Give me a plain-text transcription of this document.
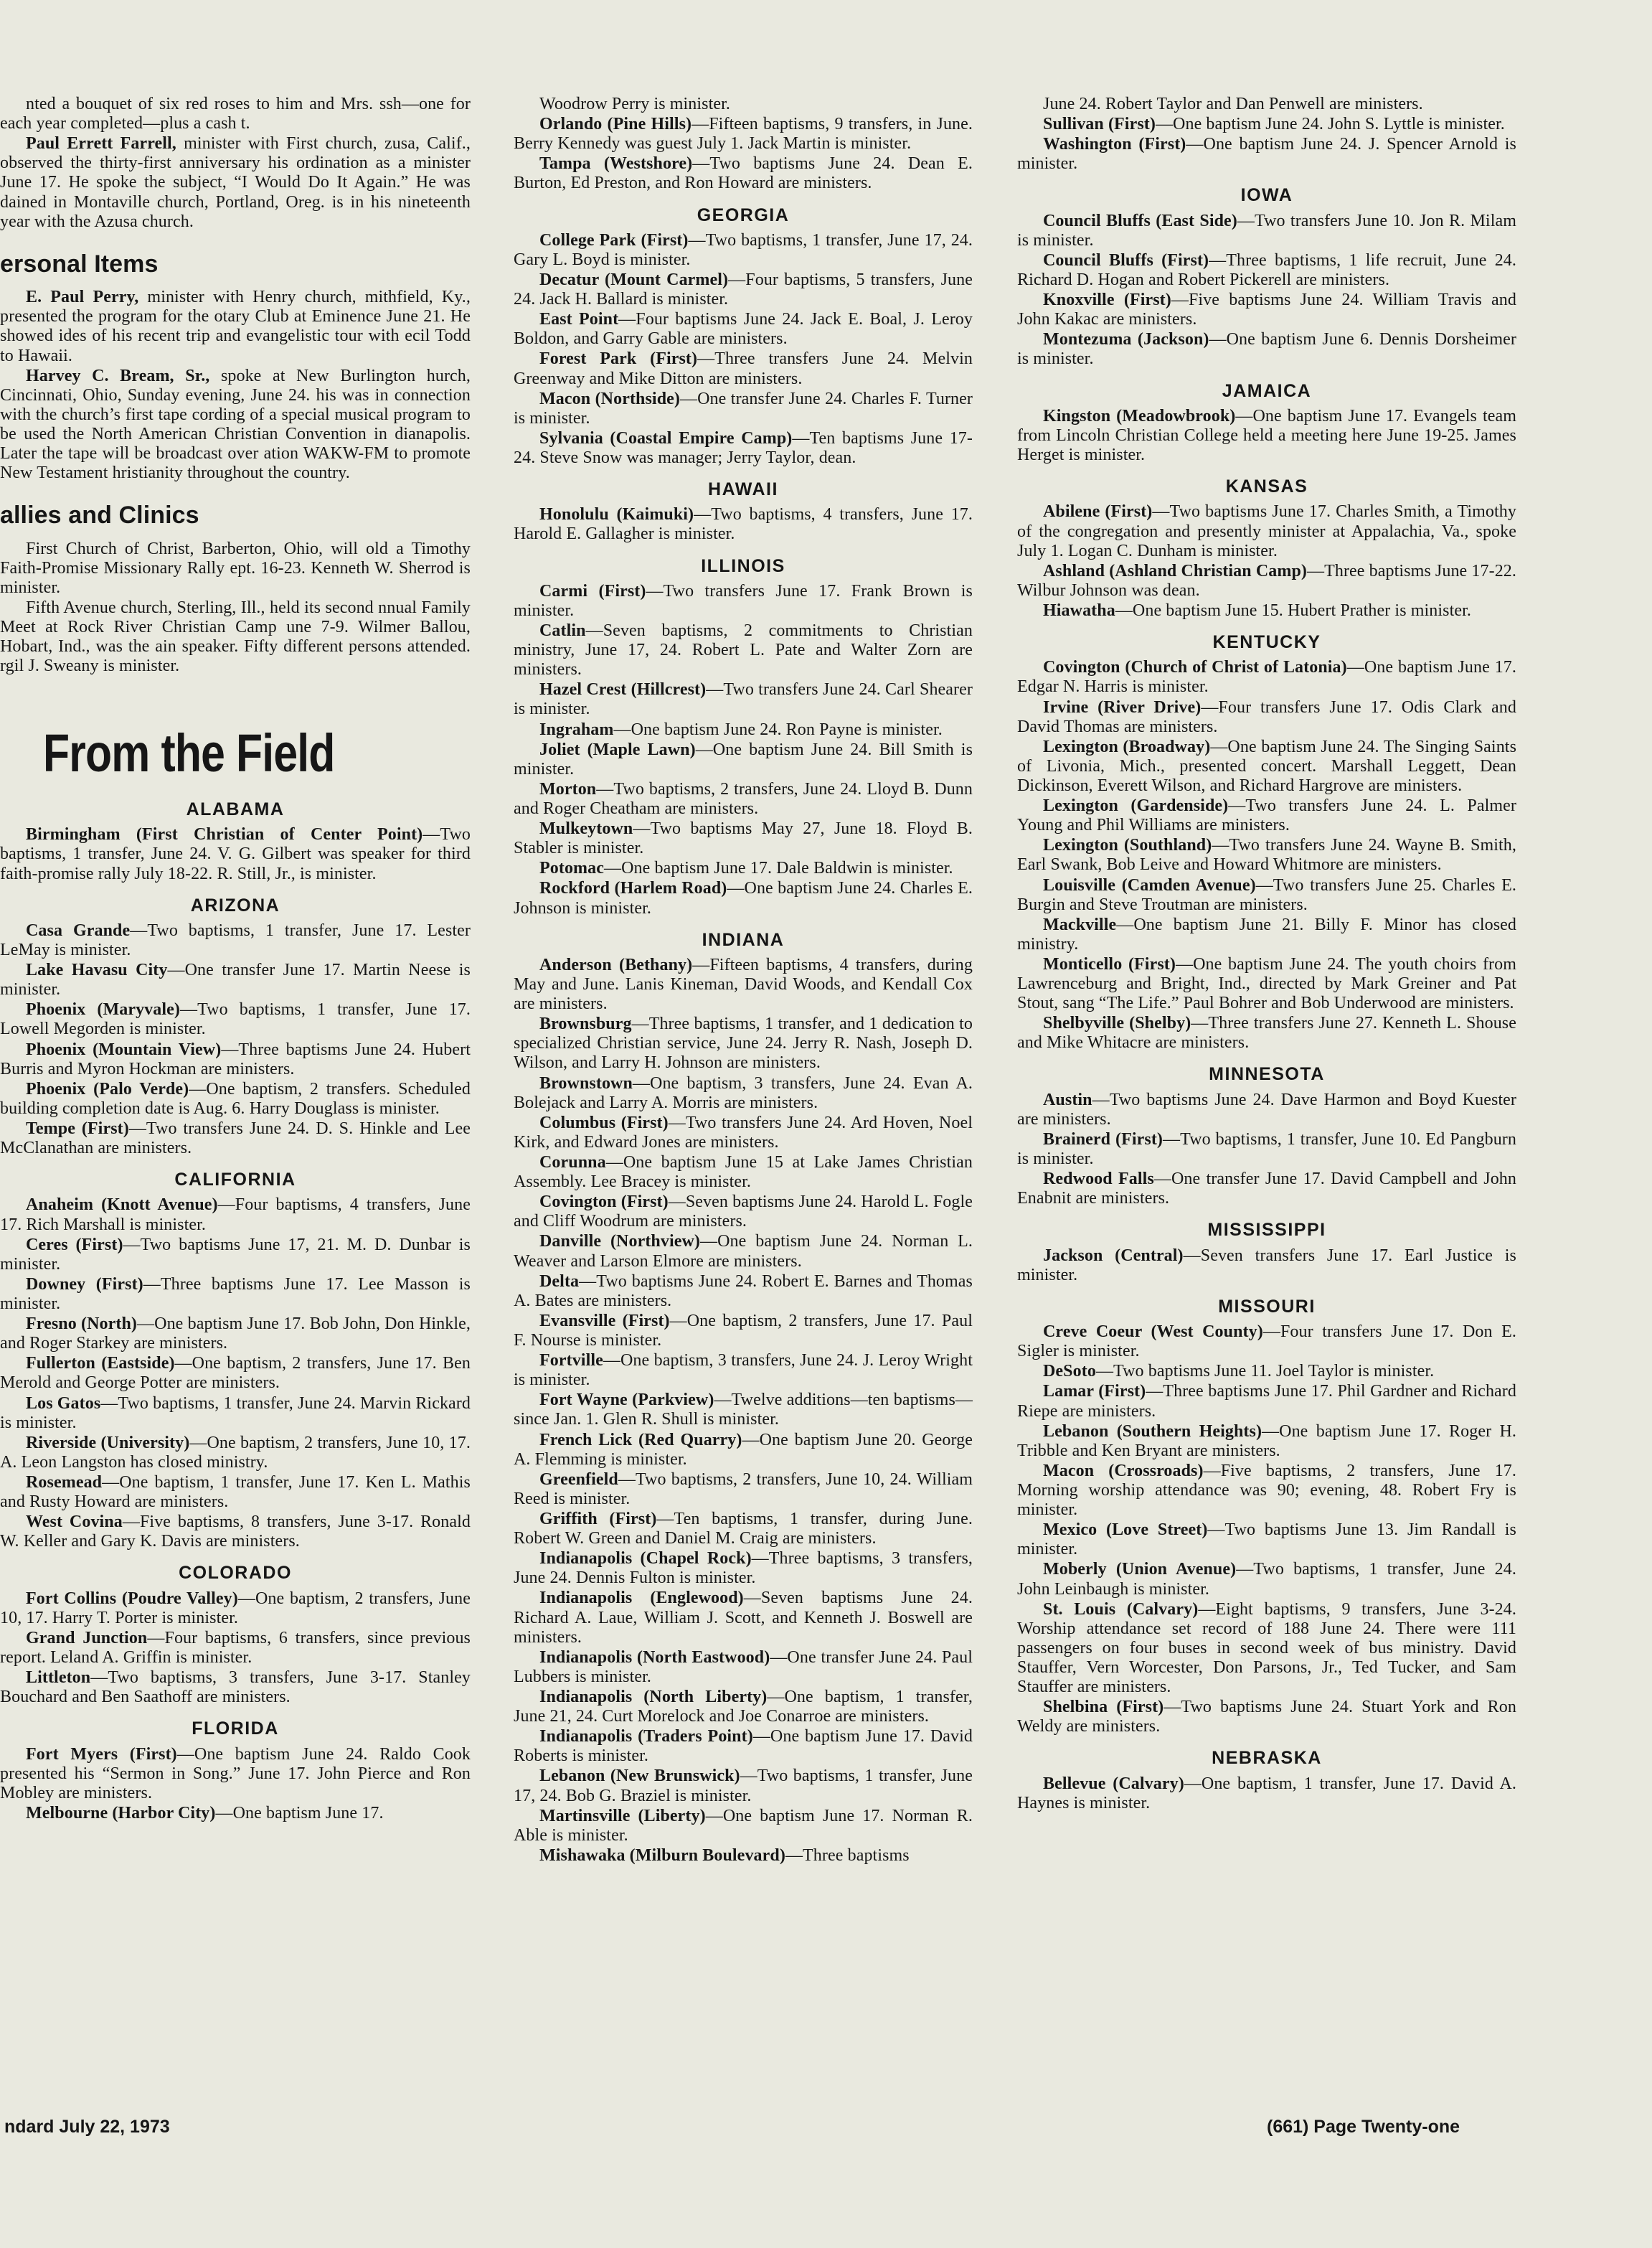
nted a bouquet of six red roses to him and Mrs. ssh—one for each year completed—plus a cash t.

Paul Errett Farrell, minister with First church, zusa, Calif., observed the thirty-first anniversary his ordination as a minister June 17. He spoke the subject, “I Would Do It Again.” He was dained in Montaville church, Portland, Oreg. is in his nineteenth year with the Azusa church.

ersonal Items

E. Paul Perry, minister with Henry church, mithfield, Ky., presented the program for the otary Club at Eminence June 21. He showed ides of his recent trip and evangelistic tour with ecil Todd to Hawaii.

Harvey C. Bream, Sr., spoke at New Burlington hurch, Cincinnati, Ohio, Sunday evening, June 24. his was in connection with the church’s first tape cording of a special musical program to be used the North American Christian Convention in dianapolis. Later the tape will be broadcast over ation WAKW-FM to promote New Testament hristianity throughout the country.

allies and Clinics

First Church of Christ, Barberton, Ohio, will old a Timothy Faith-Promise Missionary Rally ept. 16-23. Kenneth W. Sherrod is minister.

Fifth Avenue church, Sterling, Ill., held its second nnual Family Meet at Rock River Christian Camp une 7-9. Wilmer Ballou, Hobart, Ind., was the ain speaker. Fifty different persons attended. rgil J. Sweany is minister.

From the Field
ALABAMA

Birmingham (First Christian of Center Point)—Two baptisms, 1 transfer, June 24. V. G. Gilbert was speaker for third faith-promise rally July 18-22. R. Still, Jr., is minister.

ARIZONA

Casa Grande—Two baptisms, 1 transfer, June 17. Lester LeMay is minister.

Lake Havasu City—One transfer June 17. Martin Neese is minister.

Phoenix (Maryvale)—Two baptisms, 1 transfer, June 17. Lowell Megorden is minister.

Phoenix (Mountain View)—Three baptisms June 24. Hubert Burris and Myron Hockman are ministers.

Phoenix (Palo Verde)—One baptism, 2 transfers. Scheduled building completion date is Aug. 6. Harry Douglass is minister.

Tempe (First)—Two transfers June 24. D. S. Hinkle and Lee McClanathan are ministers.

CALIFORNIA

Anaheim (Knott Avenue)—Four baptisms, 4 transfers, June 17. Rich Marshall is minister.

Ceres (First)—Two baptisms June 17, 21. M. D. Dunbar is minister.

Downey (First)—Three baptisms June 17. Lee Masson is minister.

Fresno (North)—One baptism June 17. Bob John, Don Hinkle, and Roger Starkey are ministers.

Fullerton (Eastside)—One baptism, 2 transfers, June 17. Ben Merold and George Potter are ministers.

Los Gatos—Two baptisms, 1 transfer, June 24. Marvin Rickard is minister.

Riverside (University)—One baptism, 2 transfers, June 10, 17. A. Leon Langston has closed ministry.

Rosemead—One baptism, 1 transfer, June 17. Ken L. Mathis and Rusty Howard are ministers.

West Covina—Five baptisms, 8 transfers, June 3-17. Ronald W. Keller and Gary K. Davis are ministers.

COLORADO

Fort Collins (Poudre Valley)—One baptism, 2 transfers, June 10, 17. Harry T. Porter is minister.

Grand Junction—Four baptisms, 6 transfers, since previous report. Leland A. Griffin is minister.

Littleton—Two baptisms, 3 transfers, June 3-17. Stanley Bouchard and Ben Saathoff are ministers.

FLORIDA

Fort Myers (First)—One baptism June 24. Raldo Cook presented his “Sermon in Song.” June 17. John Pierce and Ron Mobley are ministers.

Melbourne (Harbor City)—One baptism June 17.

Woodrow Perry is minister.

Orlando (Pine Hills)—Fifteen baptisms, 9 transfers, in June. Berry Kennedy was guest July 1. Jack Martin is minister.

Tampa (Westshore)—Two baptisms June 24. Dean E. Burton, Ed Preston, and Ron Howard are ministers.

GEORGIA

College Park (First)—Two baptisms, 1 transfer, June 17, 24. Gary L. Boyd is minister.

Decatur (Mount Carmel)—Four baptisms, 5 transfers, June 24. Jack H. Ballard is minister.

East Point—Four baptisms June 24. Jack E. Boal, J. Leroy Boldon, and Garry Gable are ministers.

Forest Park (First)—Three transfers June 24. Melvin Greenway and Mike Ditton are ministers.

Macon (Northside)—One transfer June 24. Charles F. Turner is minister.

Sylvania (Coastal Empire Camp)—Ten baptisms June 17-24. Steve Snow was manager; Jerry Taylor, dean.

HAWAII

Honolulu (Kaimuki)—Two baptisms, 4 transfers, June 17. Harold E. Gallagher is minister.

ILLINOIS

Carmi (First)—Two transfers June 17. Frank Brown is minister.

Catlin—Seven baptisms, 2 commitments to Christian ministry, June 17, 24. Robert L. Pate and Walter Zorn are ministers.

Hazel Crest (Hillcrest)—Two transfers June 24. Carl Shearer is minister.

Ingraham—One baptism June 24. Ron Payne is minister.

Joliet (Maple Lawn)—One baptism June 24. Bill Smith is minister.

Morton—Two baptisms, 2 transfers, June 24. Lloyd B. Dunn and Roger Cheatham are ministers.

Mulkeytown—Two baptisms May 27, June 18. Floyd B. Stabler is minister.

Potomac—One baptism June 17. Dale Baldwin is minister.

Rockford (Harlem Road)—One baptism June 24. Charles E. Johnson is minister.

INDIANA

Anderson (Bethany)—Fifteen baptisms, 4 transfers, during May and June. Lanis Kineman, David Woods, and Kendall Cox are ministers.

Brownsburg—Three baptisms, 1 transfer, and 1 dedication to specialized Christian service, June 24. Jerry R. Nash, Joseph D. Wilson, and Larry H. Johnson are ministers.

Brownstown—One baptism, 3 transfers, June 24. Evan A. Bolejack and Larry A. Morris are ministers.

Columbus (First)—Two transfers June 24. Ard Hoven, Noel Kirk, and Edward Jones are ministers.

Corunna—One baptism June 15 at Lake James Christian Assembly. Lee Bracey is minister.

Covington (First)—Seven baptisms June 24. Harold L. Fogle and Cliff Woodrum are ministers.

Danville (Northview)—One baptism June 24. Norman L. Weaver and Larson Elmore are ministers.

Delta—Two baptisms June 24. Robert E. Barnes and Thomas A. Bates are ministers.

Evansville (First)—One baptism, 2 transfers, June 17. Paul F. Nourse is minister.

Fortville—One baptism, 3 transfers, June 24. J. Leroy Wright is minister.

Fort Wayne (Parkview)—Twelve additions—ten baptisms—since Jan. 1. Glen R. Shull is minister.

French Lick (Red Quarry)—One baptism June 20. George A. Flemming is minister.

Greenfield—Two baptisms, 2 transfers, June 10, 24. William Reed is minister.

Griffith (First)—Ten baptisms, 1 transfer, during June. Robert W. Green and Daniel M. Craig are ministers.

Indianapolis (Chapel Rock)—Three baptisms, 3 transfers, June 24. Dennis Fulton is minister.

Indianapolis (Englewood)—Seven baptisms June 24. Richard A. Laue, William J. Scott, and Kenneth J. Boswell are ministers.

Indianapolis (North Eastwood)—One transfer June 24. Paul Lubbers is minister.

Indianapolis (North Liberty)—One baptism, 1 transfer, June 21, 24. Curt Morelock and Joe Conarroe are ministers.

Indianapolis (Traders Point)—One baptism June 17. David Roberts is minister.

Lebanon (New Brunswick)—Two baptisms, 1 transfer, June 17, 24. Bob G. Braziel is minister.

Martinsville (Liberty)—One baptism June 17. Norman R. Able is minister.

Mishawaka (Milburn Boulevard)—Three baptisms

June 24. Robert Taylor and Dan Penwell are ministers.

Sullivan (First)—One baptism June 24. John S. Lyttle is minister.

Washington (First)—One baptism June 24. J. Spencer Arnold is minister.

IOWA

Council Bluffs (East Side)—Two transfers June 10. Jon R. Milam is minister.

Council Bluffs (First)—Three baptisms, 1 life recruit, June 24. Richard D. Hogan and Robert Pickerell are ministers.

Knoxville (First)—Five baptisms June 24. William Travis and John Kakac are ministers.

Montezuma (Jackson)—One baptism June 6. Dennis Dorsheimer is minister.

JAMAICA

Kingston (Meadowbrook)—One baptism June 17. Evangels team from Lincoln Christian College held a meeting here June 19-25. James Herget is minister.

KANSAS

Abilene (First)—Two baptisms June 17. Charles Smith, a Timothy of the congregation and presently minister at Appalachia, Va., spoke July 1. Logan C. Dunham is minister.

Ashland (Ashland Christian Camp)—Three baptisms June 17-22. Wilbur Johnson was dean.

Hiawatha—One baptism June 15. Hubert Prather is minister.

KENTUCKY

Covington (Church of Christ of Latonia)—One baptism June 17. Edgar N. Harris is minister.

Irvine (River Drive)—Four transfers June 17. Odis Clark and David Thomas are ministers.

Lexington (Broadway)—One baptism June 24. The Singing Saints of Livonia, Mich., presented concert. Marshall Leggett, Dean Dickinson, Everett Wilson, and Richard Hargrove are ministers.

Lexington (Gardenside)—Two transfers June 24. L. Palmer Young and Phil Williams are ministers.

Lexington (Southland)—Two transfers June 24. Wayne B. Smith, Earl Swank, Bob Leive and Howard Whitmore are ministers.

Louisville (Camden Avenue)—Two transfers June 25. Charles E. Burgin and Steve Troutman are ministers.

Mackville—One baptism June 21. Billy F. Minor has closed ministry.

Monticello (First)—One baptism June 24. The youth choirs from Lawrenceburg and Bright, Ind., directed by Mark Greiner and Pat Stout, sang “The Life.” Paul Bohrer and Bob Underwood are ministers.

Shelbyville (Shelby)—Three transfers June 27. Kenneth L. Shouse and Mike Whitacre are ministers.

MINNESOTA

Austin—Two baptisms June 24. Dave Harmon and Boyd Kuester are ministers.

Brainerd (First)—Two baptisms, 1 transfer, June 10. Ed Pangburn is minister.

Redwood Falls—One transfer June 17. David Campbell and John Enabnit are ministers.

MISSISSIPPI

Jackson (Central)—Seven transfers June 17. Earl Justice is minister.

MISSOURI

Creve Coeur (West County)—Four transfers June 17. Don E. Sigler is minister.

DeSoto—Two baptisms June 11. Joel Taylor is minister.

Lamar (First)—Three baptisms June 17. Phil Gardner and Richard Riepe are ministers.

Lebanon (Southern Heights)—One baptism June 17. Roger H. Tribble and Ken Bryant are ministers.

Macon (Crossroads)—Five baptisms, 2 transfers, June 17. Morning worship attendance was 90; evening, 48. Robert Fry is minister.

Mexico (Love Street)—Two baptisms June 13. Jim Randall is minister.

Moberly (Union Avenue)—Two baptisms, 1 transfer, June 24. John Leinbaugh is minister.

St. Louis (Calvary)—Eight baptisms, 9 transfers, June 3-24. Worship attendance set record of 188 June 24. There were 111 passengers on four buses in second week of bus ministry. David Stauffer, Vern Worcester, Don Parsons, Jr., Ted Tucker, and Sam Stauffer are ministers.

Shelbina (First)—Two baptisms June 24. Stuart York and Ron Weldy are ministers.

NEBRASKA

Bellevue (Calvary)—One baptism, 1 transfer, June 17. David A. Haynes is minister.

ndard July 22, 1973	(661) Page Twenty-one
